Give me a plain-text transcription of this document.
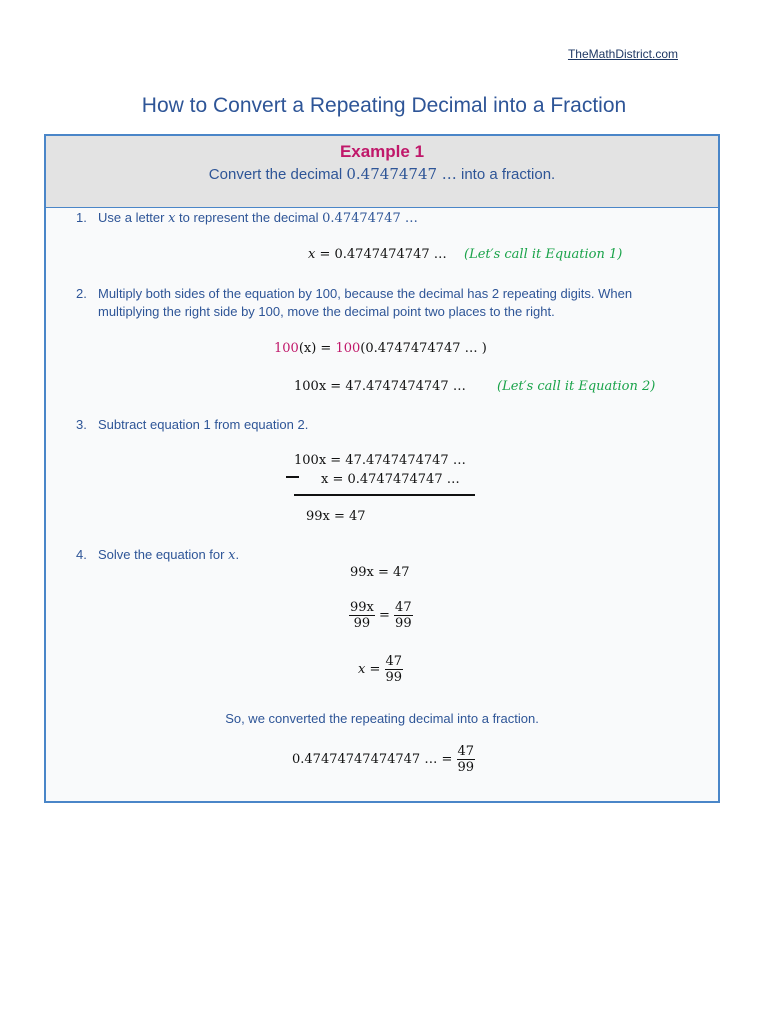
TheMathDistrict.com
How to Convert a Repeating Decimal into a Fraction
Example 1
Convert the decimal 0.47474747 … into a fraction.
1. Use a letter x to represent the decimal 0.47474747 …
x = 0.4747474747 … (Let′s call it Equation 1)
2. Multiply both sides of the equation by 100, because the decimal has 2 repeating digits. When
multiplying the right side by 100, move the decimal point two places to the right.
100(x) = 100(0.4747474747 … )
100x = 47.4747474747 … (Let′s call it Equation 2)
3. Subtract equation 1 from equation 2.
100x = 47.4747474747 …
x = 0.4747474747 …
99x = 47
4. Solve the equation for x.
99x = 47
$\frac{99x}{99} = \frac{47}{99}$
$x = \frac{47}{99}$
So, we converted the repeating decimal into a fraction.
0.47474747474747 … = $\frac{47}{99}$
